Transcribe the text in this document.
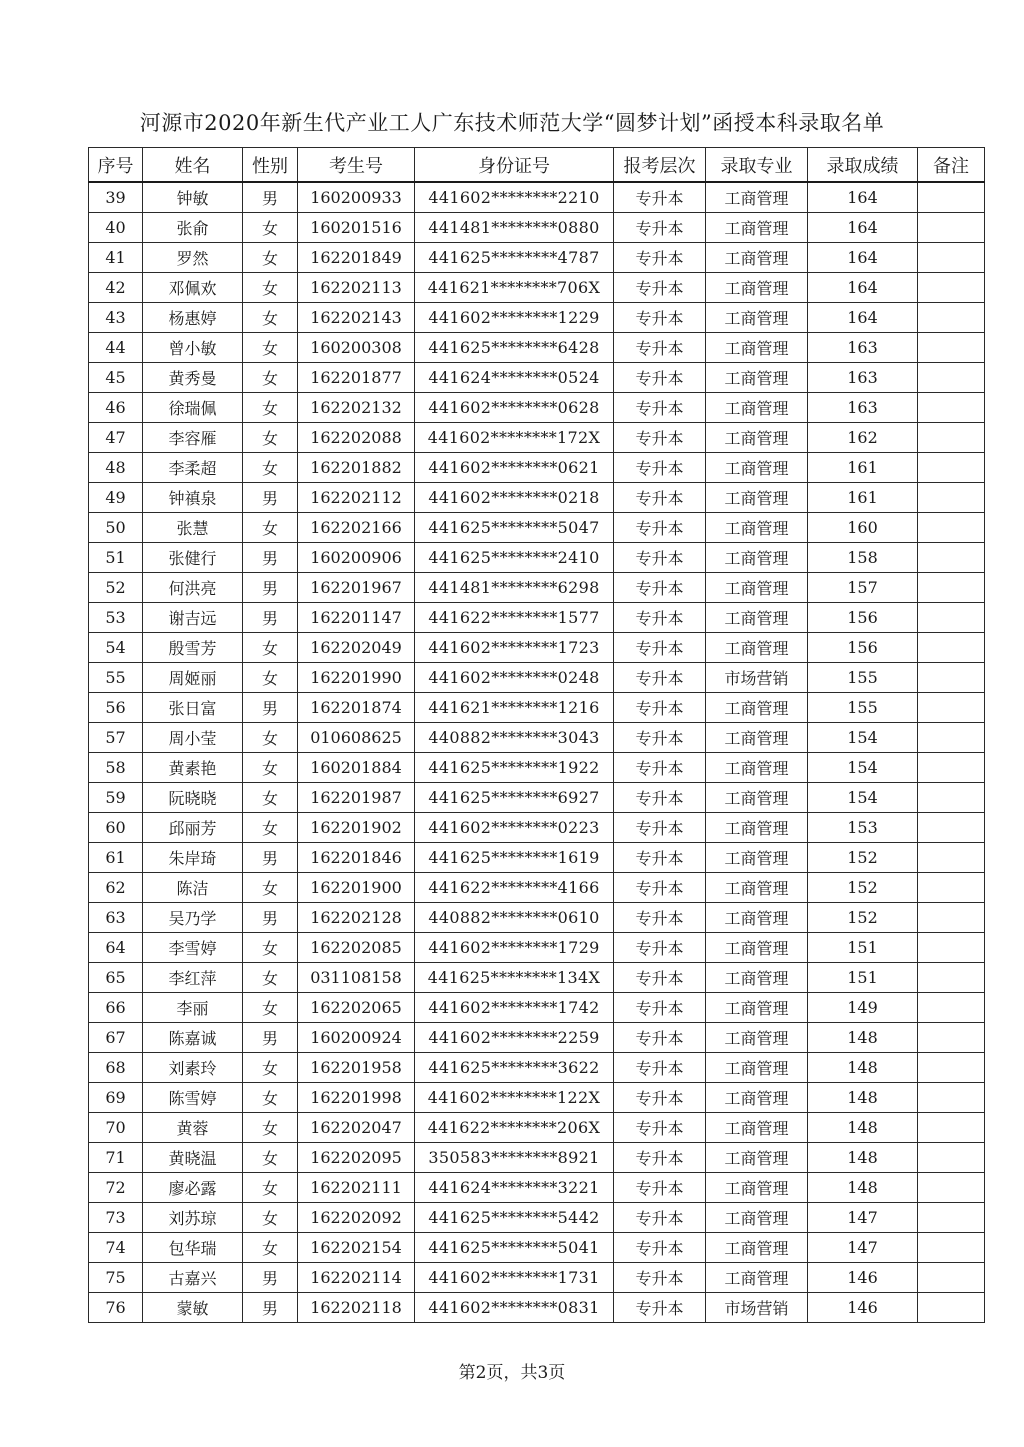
河源市2020年新生代产业工人广东技术师范大学“圆梦计划”函授本科录取名单
序号	姓名	性别	考生号	身份证号	报考层次	录取专业	录取成绩	备注
39	钟敏	男	160200933	441602********2210	专升本	工商管理	164	
40	张俞	女	160201516	441481********0880	专升本	工商管理	164	
41	罗然	女	162201849	441625********4787	专升本	工商管理	164	
42	邓佩欢	女	162202113	441621********706X	专升本	工商管理	164	
43	杨惠婷	女	162202143	441602********1229	专升本	工商管理	164	
44	曾小敏	女	160200308	441625********6428	专升本	工商管理	163	
45	黄秀曼	女	162201877	441624********0524	专升本	工商管理	163	
46	徐瑞佩	女	162202132	441602********0628	专升本	工商管理	163	
47	李容雁	女	162202088	441602********172X	专升本	工商管理	162	
48	李柔超	女	162201882	441602********0621	专升本	工商管理	161	
49	钟禛泉	男	162202112	441602********0218	专升本	工商管理	161	
50	张慧	女	162202166	441625********5047	专升本	工商管理	160	
51	张健行	男	160200906	441625********2410	专升本	工商管理	158	
52	何洪亮	男	162201967	441481********6298	专升本	工商管理	157	
53	谢吉远	男	162201147	441622********1577	专升本	工商管理	156	
54	殷雪芳	女	162202049	441602********1723	专升本	工商管理	156	
55	周姬丽	女	162201990	441602********0248	专升本	市场营销	155	
56	张日富	男	162201874	441621********1216	专升本	工商管理	155	
57	周小莹	女	010608625	440882********3043	专升本	工商管理	154	
58	黄素艳	女	160201884	441625********1922	专升本	工商管理	154	
59	阮晓晓	女	162201987	441625********6927	专升本	工商管理	154	
60	邱丽芳	女	162201902	441602********0223	专升本	工商管理	153	
61	朱岸琦	男	162201846	441625********1619	专升本	工商管理	152	
62	陈洁	女	162201900	441622********4166	专升本	工商管理	152	
63	吴乃学	男	162202128	440882********0610	专升本	工商管理	152	
64	李雪婷	女	162202085	441602********1729	专升本	工商管理	151	
65	李红萍	女	031108158	441625********134X	专升本	工商管理	151	
66	李丽	女	162202065	441602********1742	专升本	工商管理	149	
67	陈嘉诚	男	160200924	441602********2259	专升本	工商管理	148	
68	刘素玲	女	162201958	441625********3622	专升本	工商管理	148	
69	陈雪婷	女	162201998	441602********122X	专升本	工商管理	148	
70	黄蓉	女	162202047	441622********206X	专升本	工商管理	148	
71	黄晓温	女	162202095	350583********8921	专升本	工商管理	148	
72	廖必露	女	162202111	441624********3221	专升本	工商管理	148	
73	刘苏琼	女	162202092	441625********5442	专升本	工商管理	147	
74	包华瑞	女	162202154	441625********5041	专升本	工商管理	147	
75	古嘉兴	男	162202114	441602********1731	专升本	工商管理	146	
76	蒙敏	男	162202118	441602********0831	专升本	市场营销	146	
第2页，共3页
